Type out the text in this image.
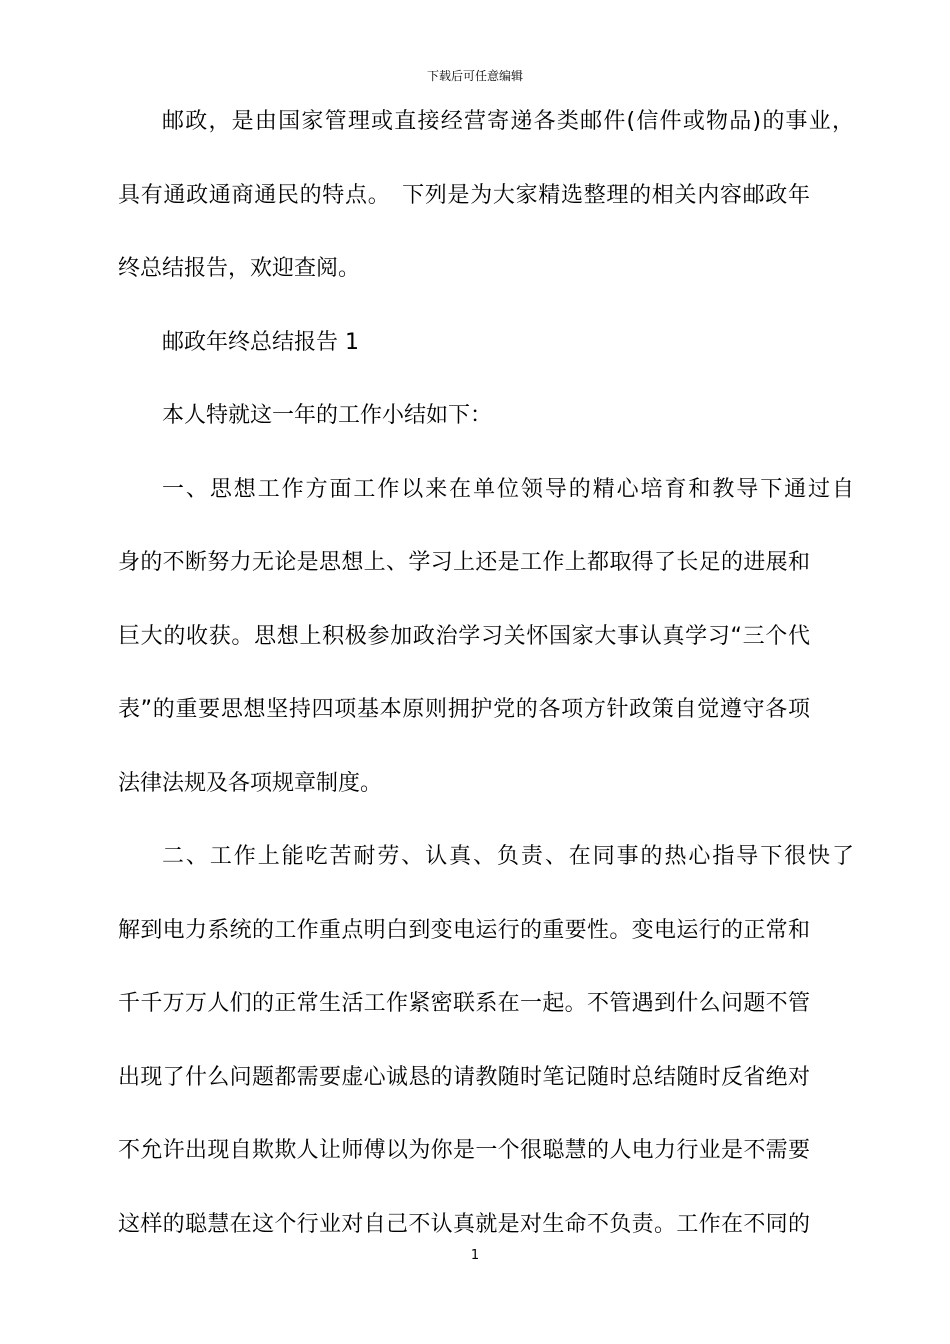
下载后可任意编辑
邮政，是由国家管理或直接经营寄递各类邮件(信件或物品)的事业，
具有通政通商通民的特点。　下列是为大家精选整理的相关内容邮政年
终总结报告，欢迎查阅。
邮政年终总结报告 1
本人特就这一年的工作小结如下：
一、思想工作方面工作以来在单位领导的精心培育和教导下通过自
身的不断努力无论是思想上、学习上还是工作上都取得了长足的进展和
巨大的收获。思想上积极参加政治学习关怀国家大事认真学习“三个代
表”的重要思想坚持四项基本原则拥护党的各项方针政策自觉遵守各项
法律法规及各项规章制度。
二、工作上能吃苦耐劳、认真、负责、在同事的热心指导下很快了
解到电力系统的工作重点明白到变电运行的重要性。变电运行的正常和
千千万万人们的正常生活工作紧密联系在一起。不管遇到什么问题不管
出现了什么问题都需要虚心诚恳的请教随时笔记随时总结随时反省绝对
不允许出现自欺欺人让师傅以为你是一个很聪慧的人电力行业是不需要
这样的聪慧在这个行业对自己不认真就是对生命不负责。工作在不同的
1
